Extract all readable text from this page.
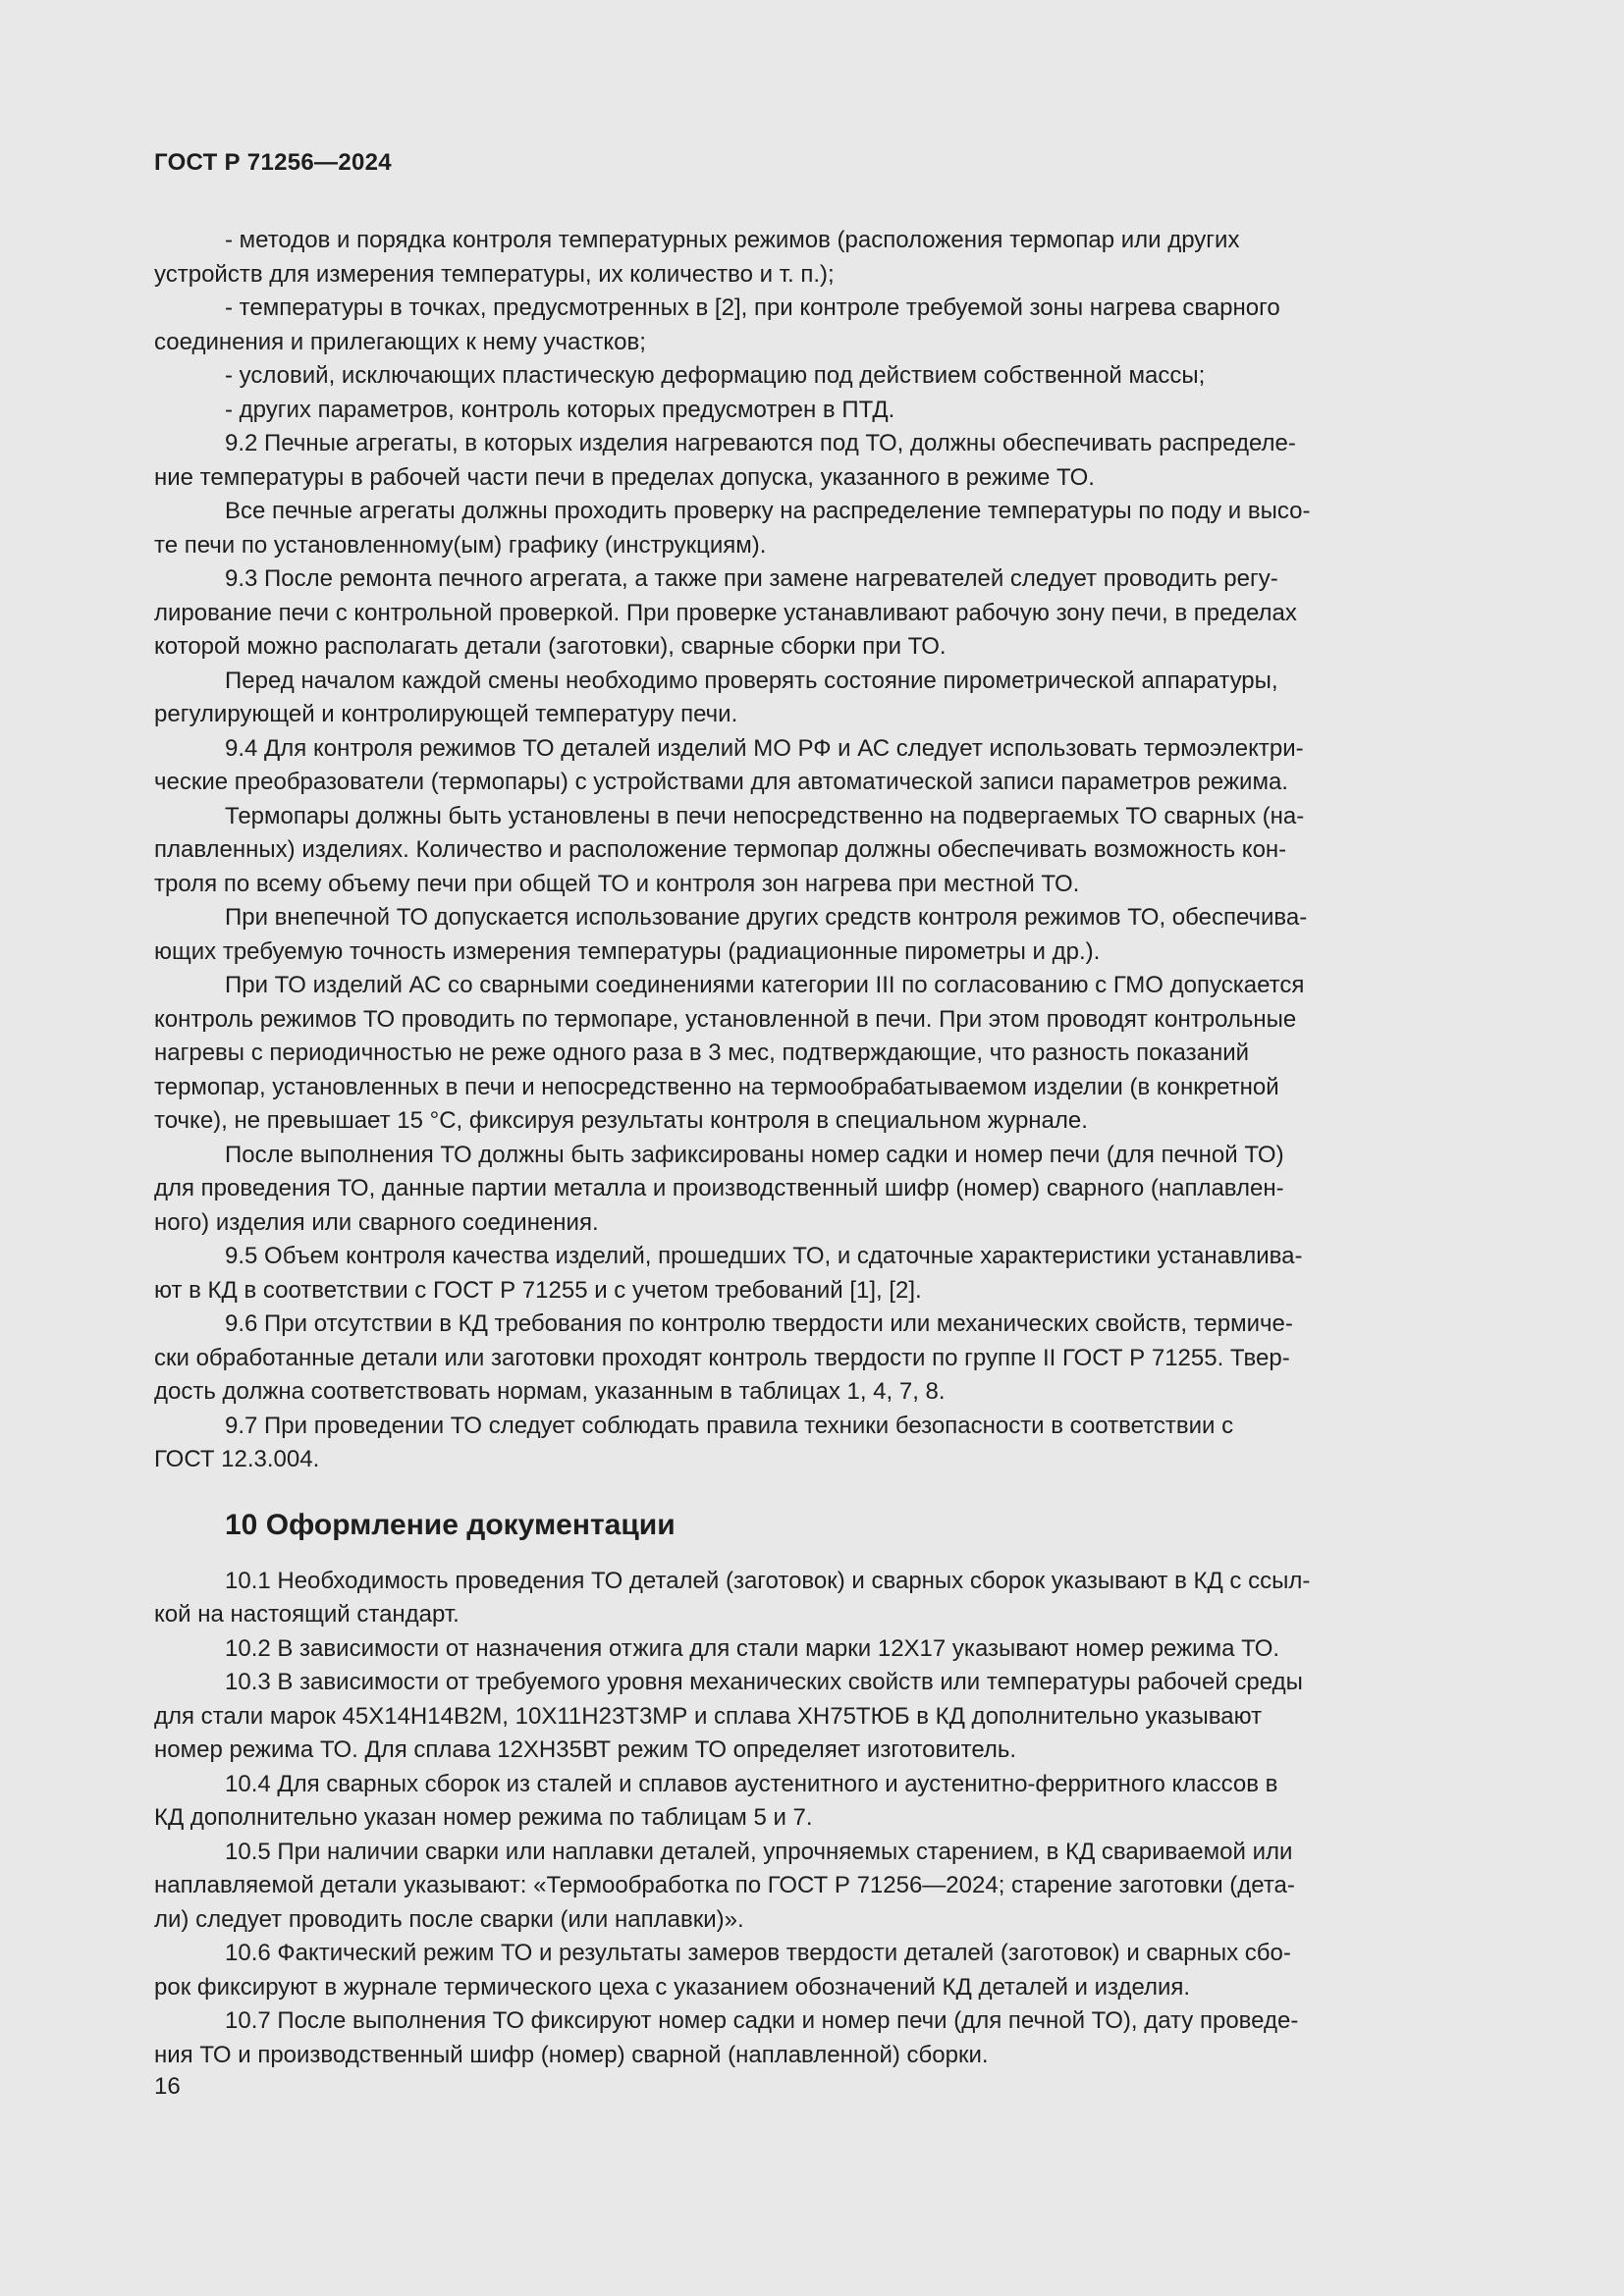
ГОСТ Р 71256—2024

- методов и порядка контроля температурных режимов (расположения термопар или других
устройств для измерения температуры, их количество и т. п.);

- температуры в точках, предусмотренных в [2], при контроле требуемой зоны нагрева сварного
соединения и прилегающих к нему участков;

- условий, исключающих пластическую деформацию под действием собственной массы;

- других параметров, контроль которых предусмотрен в ПТД.

9.2 Печные агрегаты, в которых изделия нагреваются под ТО, должны обеспечивать распределе-
ние температуры в рабочей части печи в пределах допуска, указанного в режиме ТО.

Все печные агрегаты должны проходить проверку на распределение температуры по поду и высо-
те печи по установленному(ым) графику (инструкциям).

9.3 После ремонта печного агрегата, а также при замене нагревателей следует проводить регу-
лирование печи с контрольной проверкой. При проверке устанавливают рабочую зону печи, в пределах
которой можно располагать детали (заготовки), сварные сборки при ТО.

Перед началом каждой смены необходимо проверять состояние пирометрической аппаратуры,
регулирующей и контролирующей температуру печи.

9.4 Для контроля режимов ТО деталей изделий МО РФ и АС следует использовать термоэлектри-
ческие преобразователи (термопары) с устройствами для автоматической записи параметров режима.

Термопары должны быть установлены в печи непосредственно на подвергаемых ТО сварных (на-
плавленных) изделиях. Количество и расположение термопар должны обеспечивать возможность кон-
троля по всему объему печи при общей ТО и контроля зон нагрева при местной ТО.

При внепечной ТО допускается использование других средств контроля режимов ТО, обеспечива-
ющих требуемую точность измерения температуры (радиационные пирометры и др.).

При ТО изделий АС со сварными соединениями категории III по согласованию с ГМО допускается
контроль режимов ТО проводить по термопаре, установленной в печи. При этом проводят контрольные
нагревы с периодичностью не реже одного раза в 3 мес, подтверждающие, что разность показаний
термопар, установленных в печи и непосредственно на термообрабатываемом изделии (в конкретной
точке), не превышает 15 °С, фиксируя результаты контроля в специальном журнале.

После выполнения ТО должны быть зафиксированы номер садки и номер печи (для печной ТО)
для проведения ТО, данные партии металла и производственный шифр (номер) сварного (наплавлен-
ного) изделия или сварного соединения.

9.5 Объем контроля качества изделий, прошедших ТО, и сдаточные характеристики устанавлива-
ют в КД в соответствии с ГОСТ Р 71255 и с учетом требований [1], [2].

9.6 При отсутствии в КД требования по контролю твердости или механических свойств, термиче-
ски обработанные детали или заготовки проходят контроль твердости по группе II ГОСТ Р 71255. Твер-
дость должна соответствовать нормам, указанным в таблицах 1, 4, 7, 8.

9.7 При проведении ТО следует соблюдать правила техники безопасности в соответствии с
ГОСТ 12.3.004.

10 Оформление документации

10.1 Необходимость проведения ТО деталей (заготовок) и сварных сборок указывают в КД с ссыл-
кой на настоящий стандарт.

10.2 В зависимости от назначения отжига для стали марки 12Х17 указывают номер режима ТО.

10.3 В зависимости от требуемого уровня механических свойств или температуры рабочей среды
для стали марок 45Х14Н14В2М, 10Х11Н23Т3МР и сплава ХН75ТЮБ в КД дополнительно указывают
номер режима ТО. Для сплава 12ХН35ВТ режим ТО определяет изготовитель.

10.4 Для сварных сборок из сталей и сплавов аустенитного и аустенитно-ферритного классов в
КД дополнительно указан номер режима по таблицам 5 и 7.

10.5 При наличии сварки или наплавки деталей, упрочняемых старением, в КД свариваемой или
наплавляемой детали указывают: «Термообработка по ГОСТ Р 71256—2024; старение заготовки (дета-
ли) следует проводить после сварки (или наплавки)».

10.6 Фактический режим ТО и результаты замеров твердости деталей (заготовок) и сварных сбо-
рок фиксируют в журнале термического цеха с указанием обозначений КД деталей и изделия.

10.7 После выполнения ТО фиксируют номер садки и номер печи (для печной ТО), дату проведе-
ния ТО и производственный шифр (номер) сварной (наплавленной) сборки.

16
